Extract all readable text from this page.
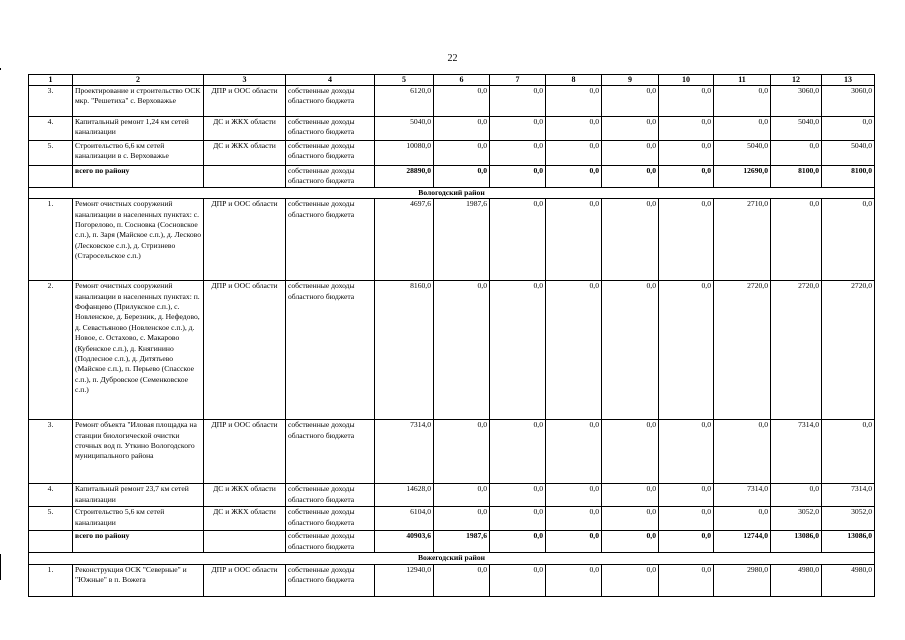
22
1	2	3	4	5	6	7	8	9	10	11	12	13
3.	Проектирование и строительство ОСК мкр. "Решетиха" с. Верховажье	ДПР и ООС области	собственные доходы областного бюджета	6120,0	0,0	0,0	0,0	0,0	0,0	0,0	3060,0	3060,0
4.	Капитальный ремонт 1,24 км сетей канализации	ДС и ЖКХ области	собственные доходы областного бюджета	5040,0	0,0	0,0	0,0	0,0	0,0	0,0	5040,0	0,0
5.	Строительство 6,6 км сетей канализации в с. Верховажье	ДС и ЖКХ области	собственные доходы областного бюджета	10080,0	0,0	0,0	0,0	0,0	0,0	5040,0	0,0	5040,0
	всего по району		собственные доходы областного бюджета	28890,0	0,0	0,0	0,0	0,0	0,0	12690,0	8100,0	8100,0
Вологодский район												
1.	Ремонт очистных сооружений канализации в населенных пунктах: с. Погорелово, п. Сосновка (Сосновское с.п.), п. Заря (Майское с.п.), д. Лесково (Лесковское с.п.), д. Стризнево (Старосельское с.п.)	ДПР и ООС области	собственные доходы областного бюджета	4697,6	1987,6	0,0	0,0	0,0	0,0	2710,0	0,0	0,0
2.	Ремонт очистных сооружений канализации в населенных пунктах: п. Фофанцево (Прилукское с.п.), с. Новленское, д. Березник, д. Нефедово, д. Севастьяново (Новленское с.п.), д. Новое, с. Остахово, с. Макарово (Кубенское с.п.), д. Княгинино (Подлесное с.п.), д. Дитятьево (Майское с.п.), п. Перьево (Спасское с.п.), п. Дубровское (Семенковское с.п.)	ДПР и ООС области	собственные доходы областного бюджета	8160,0	0,0	0,0	0,0	0,0	0,0	2720,0	2720,0	2720,0
3.	Ремонт объекта "Иловая площадка на станции биологической очистки сточных вод п. Уткино Вологодского муниципального района	ДПР и ООС области	собственные доходы областного бюджета	7314,0	0,0	0,0	0,0	0,0	0,0	0,0	7314,0	0,0
4.	Капитальный ремонт 23,7 км сетей канализации	ДС и ЖКХ области	собственные доходы областного бюджета	14628,0	0,0	0,0	0,0	0,0	0,0	7314,0	0,0	7314,0
5.	Строительство 5,6 км сетей канализации	ДС и ЖКХ области	собственные доходы областного бюджета	6104,0	0,0	0,0	0,0	0,0	0,0	0,0	3052,0	3052,0
	всего по району		собственные доходы областного бюджета	40903,6	1987,6	0,0	0,0	0,0	0,0	12744,0	13086,0	13086,0
Вожегодский район												
1.	Реконструкция ОСК "Северные" и "Южные" в п. Вожега	ДПР и ООС области	собственные доходы областного бюджета	12940,0	0,0	0,0	0,0	0,0	0,0	2980,0	4980,0	4980,0
